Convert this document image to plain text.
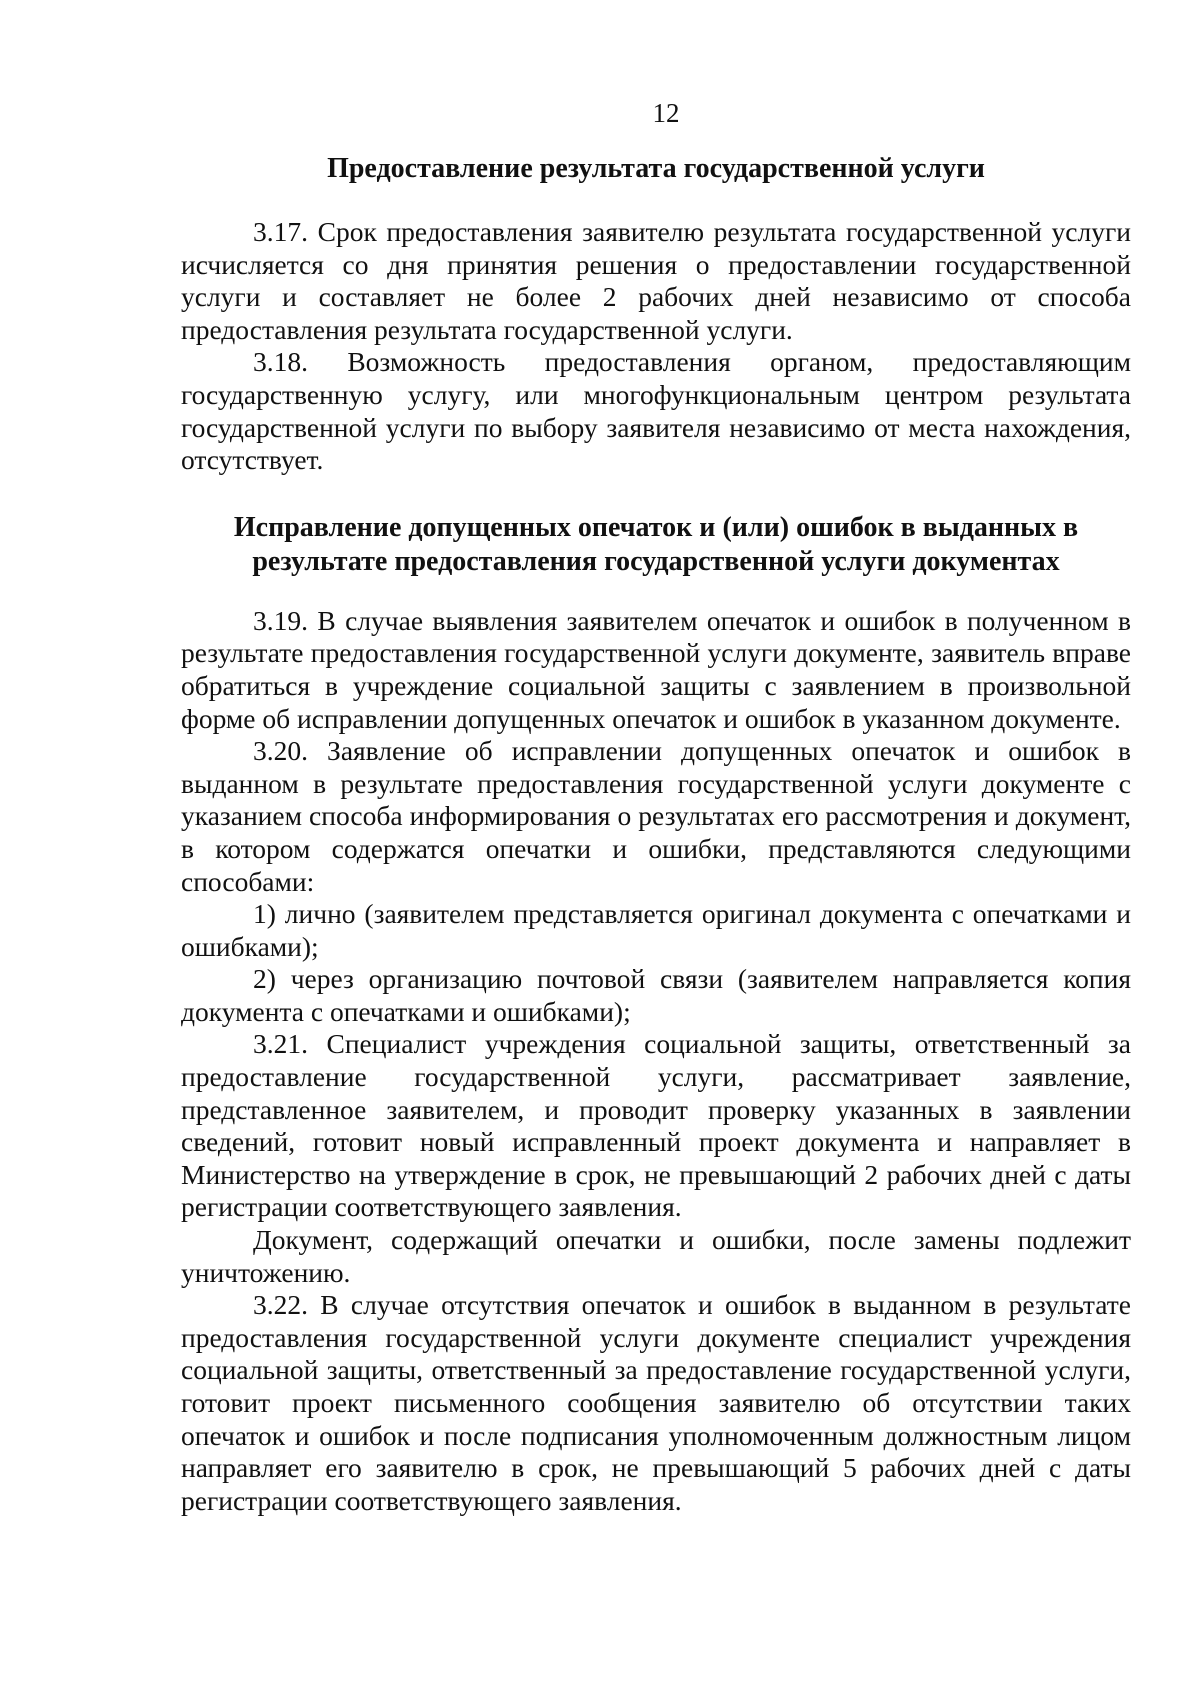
12
Предоставление результата государственной услуги

3.17. Срок предоставления заявителю результата государственной услуги исчисляется со дня принятия решения о предоставлении государственной услуги и составляет не более 2 рабочих дней независимо от способа предоставления результата государственной услуги.

3.18. Возможность предоставления органом, предоставляющим государственную услугу, или многофункциональным центром результата государственной услуги по выбору заявителя независимо от места нахождения, отсутствует.

Исправление допущенных опечаток и (или) ошибок в выданных в
результате предоставления государственной услуги документах

3.19. В случае выявления заявителем опечаток и ошибок в полученном в результате предоставления государственной услуги документе, заявитель вправе обратиться в учреждение социальной защиты с заявлением в произвольной форме об исправлении допущенных опечаток и ошибок в указанном документе.

3.20. Заявление об исправлении допущенных опечаток и ошибок в выданном в результате предоставления государственной услуги документе с указанием способа информирования о результатах его рассмотрения и документ, в котором содержатся опечатки и ошибки, представляются следующими способами:

1) лично (заявителем представляется оригинал документа с опечатками и ошибками);

2) через организацию почтовой связи (заявителем направляется копия документа с опечатками и ошибками);

3.21. Специалист учреждения социальной защиты, ответственный за предоставление государственной услуги, рассматривает заявление, представленное заявителем, и проводит проверку указанных в заявлении сведений, готовит новый исправленный проект документа и направляет в Министерство на утверждение в срок, не превышающий 2 рабочих дней с даты регистрации соответствующего заявления.

Документ, содержащий опечатки и ошибки, после замены подлежит уничтожению.

3.22. В случае отсутствия опечаток и ошибок в выданном в результате предоставления государственной услуги документе специалист учреждения социальной защиты, ответственный за предоставление государственной услуги, готовит проект письменного сообщения заявителю об отсутствии таких опечаток и ошибок и после подписания уполномоченным должностным лицом направляет его заявителю в срок, не превышающий 5 рабочих дней с даты регистрации соответствующего заявления.
